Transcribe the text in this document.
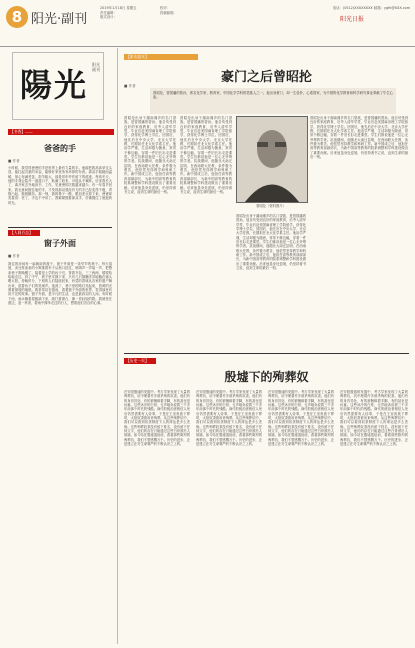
8 阳光·副刊
2019年1月18日 星期五
责任编辑：
版式设计：
校对：
投稿邮箱：
电话：(0512)XXXXXXXX 邮箱：ygfk@XXX.com
阳光日报
陽光
阳光副刊
【书香】——
爸爸的手
■ 作者
小时候，我觉得爸爸的手是世界上最有力量的手。他能把我高高举过头顶，能扛起沉重的米袋，能修好家里所有坏掉的东西。那双手粗糙而温暖，掌心布满老茧，指节粗大，那是常年劳作留下的痕迹。每到冬天，他的手背会裂开一道道口子，贴满了胶布，可他从不喊疼。后来我长大了，离开家去外地读书、工作，见爸爸的次数越来越少。有一年春节回家，我无意间握住他的手，才发现那双曾经有力的手已经变得干瘦，青筋凸起，微微颤抖。那一刻，我的鼻子一酸，眼泪差点掉下来。爸爸却笑着说：老了，手也不中用了。我紧紧握着那双手，仿佛握住了流逝的时光。
【人间百态】
窗子外面
■ 作者
我住的房间有一扇朝南的窗子，窗子外面是一条窄窄的巷子。每天清晨，卖豆浆油条的小贩推着车子从巷口经过，吆喝声一声接一声，把整条巷子都唤醒了。接着是上学的孩子们，背着书包，三三两两，嘻嘻哈哈地走过。到了中午，巷子里安静下来，只有几只猫懒洋洋地躺在墙头晒太阳。傍晚时分，下班的人们陆续回来，炒菜的香味从各家的窗户飘出来，混着孩子们的笑闹声。夜深了，巷子里的路灯亮起来，昏黄的光照着斑驳的墙壁。我常常站在窗前，看着窗子外面的世界，觉得那里有说不完的故事。窗子外面，是平凡的生活，也是最真实的人间。有时候下雨，雨水顺着屋檐滴下来，敲打着窗台，像一首轻轻的歌。我就坐在窗边，泡一杯茶，看雨中撑伞走过的行人，想着他们各自的心事。
【如水流年】
豪门之后曾昭抡
■ 作者
曾昭抡，曾国藩的曾孙，著名化学家、教育家，中国化学学科的奠基人之一。他出身豪门，却一生俭朴，心系国家，为中国的化学教育和科学研究事业奉献了毕生心血。
曾昭抡出身于湖南湘乡的名门望族，是曾国藩的曾孙。他自幼受到良好的家庭教育，后考入清华学堂，毕业后赴美国麻省理工学院留学，获得化学博士学位。回国后，他先后在中央大学、北京大学任教，长期担任北大化学系主任。他治学严谨，生活却极为随意，常常不修边幅，穿着一件旧长衫走进课堂。学生们都说他是一位心无旁骛的学者。抗战期间，他随北大南迁昆明，在西南联大任教，条件极为艰苦，他依然坚持教学和科研工作。新中国成立后，他担任高等教育部副部长，为新中国高等教育的院系调整和学科建设做出了重要贡献。后来他虽身处逆境，仍坚持著书立说，直到生命的最后一刻。
曾昭抡出身于湖南湘乡的名门望族，是曾国藩的曾孙。他自幼受到良好的家庭教育，后考入清华学堂，毕业后赴美国麻省理工学院留学，获得化学博士学位。回国后，他先后在中央大学、北京大学任教，长期担任北大化学系主任。他治学严谨，生活却极为随意，常常不修边幅，穿着一件旧长衫走进课堂。学生们都说他是一位心无旁骛的学者。抗战期间，他随北大南迁昆明，在西南联大任教，条件极为艰苦，他依然坚持教学和科研工作。新中国成立后，他担任高等教育部副部长，为新中国高等教育的院系调整和学科建设做出了重要贡献。后来他虽身处逆境，仍坚持著书立说，直到生命的最后一刻。
曾昭抡（资料图片）
曾昭抡出身于湖南湘乡的名门望族，是曾国藩的曾孙。他自幼受到良好的家庭教育，后考入清华学堂，毕业后赴美国麻省理工学院留学，获得化学博士学位。回国后，他先后在中央大学、北京大学任教，长期担任北大化学系主任。他治学严谨，生活却极为随意，常常不修边幅，穿着一件旧长衫走进课堂。学生们都说他是一位心无旁骛的学者。抗战期间，他随北大南迁昆明，在西南联大任教，条件极为艰苦，他依然坚持教学和科研工作。新中国成立后，他担任高等教育部副部长，为新中国高等教育的院系调整和学科建设做出了重要贡献。后来他虽身处逆境，仍坚持著书立说，直到生命的最后一刻。
曾昭抡出身于湖南湘乡的名门望族，是曾国藩的曾孙。他自幼受到良好的家庭教育，后考入清华学堂，毕业后赴美国麻省理工学院留学，获得化学博士学位。回国后，他先后在中央大学、北京大学任教，长期担任北大化学系主任。他治学严谨，生活却极为随意，常常不修边幅，穿着一件旧长衫走进课堂。学生们都说他是一位心无旁骛的学者。抗战期间，他随北大南迁昆明，在西南联大任教，条件极为艰苦，他依然坚持教学和科研工作。新中国成立后，他担任高等教育部副部长，为新中国高等教育的院系调整和学科建设做出了重要贡献。后来他虽身处逆境，仍坚持著书立说，直到生命的最后一刻。
【历史一页】
殷墟下的殉葬奴
在安阳殷墟的发掘中，考古学家发现了大量的殉葬坑，坑中埋着许多被杀殉的奴隶。他们有的身首异处，有的被捆绑着手脚，有的甚至是孩童。这些冰冷的白骨，无声地诉说着三千多年前那个时代的残酷。商代的统治者相信人死后仍然需要有人侍奉，于是在王室贵族下葬时，大批奴隶被用来殉葬。从这些殉葬坑中，我们可以看到奴隶制度下人的命运是多么悲惨。这些殉葬奴隶没有留下姓名，没有留下任何文字，他们的存在只能通过这些白骨被后人知晓。如今站在殷墟遗址前，看着那些陈列的殉葬坑，我们不禁感慨万千。历史的进步，正是建立在对生命尊严的不断认识之上的。
在安阳殷墟的发掘中，考古学家发现了大量的殉葬坑，坑中埋着许多被杀殉的奴隶。他们有的身首异处，有的被捆绑着手脚，有的甚至是孩童。这些冰冷的白骨，无声地诉说着三千多年前那个时代的残酷。商代的统治者相信人死后仍然需要有人侍奉，于是在王室贵族下葬时，大批奴隶被用来殉葬。从这些殉葬坑中，我们可以看到奴隶制度下人的命运是多么悲惨。这些殉葬奴隶没有留下姓名，没有留下任何文字，他们的存在只能通过这些白骨被后人知晓。如今站在殷墟遗址前，看着那些陈列的殉葬坑，我们不禁感慨万千。历史的进步，正是建立在对生命尊严的不断认识之上的。
在安阳殷墟的发掘中，考古学家发现了大量的殉葬坑，坑中埋着许多被杀殉的奴隶。他们有的身首异处，有的被捆绑着手脚，有的甚至是孩童。这些冰冷的白骨，无声地诉说着三千多年前那个时代的残酷。商代的统治者相信人死后仍然需要有人侍奉，于是在王室贵族下葬时，大批奴隶被用来殉葬。从这些殉葬坑中，我们可以看到奴隶制度下人的命运是多么悲惨。这些殉葬奴隶没有留下姓名，没有留下任何文字，他们的存在只能通过这些白骨被后人知晓。如今站在殷墟遗址前，看着那些陈列的殉葬坑，我们不禁感慨万千。历史的进步，正是建立在对生命尊严的不断认识之上的。
在安阳殷墟的发掘中，考古学家发现了大量的殉葬坑，坑中埋着许多被杀殉的奴隶。他们有的身首异处，有的被捆绑着手脚，有的甚至是孩童。这些冰冷的白骨，无声地诉说着三千多年前那个时代的残酷。商代的统治者相信人死后仍然需要有人侍奉，于是在王室贵族下葬时，大批奴隶被用来殉葬。从这些殉葬坑中，我们可以看到奴隶制度下人的命运是多么悲惨。这些殉葬奴隶没有留下姓名，没有留下任何文字，他们的存在只能通过这些白骨被后人知晓。如今站在殷墟遗址前，看着那些陈列的殉葬坑，我们不禁感慨万千。历史的进步，正是建立在对生命尊严的不断认识之上的。
